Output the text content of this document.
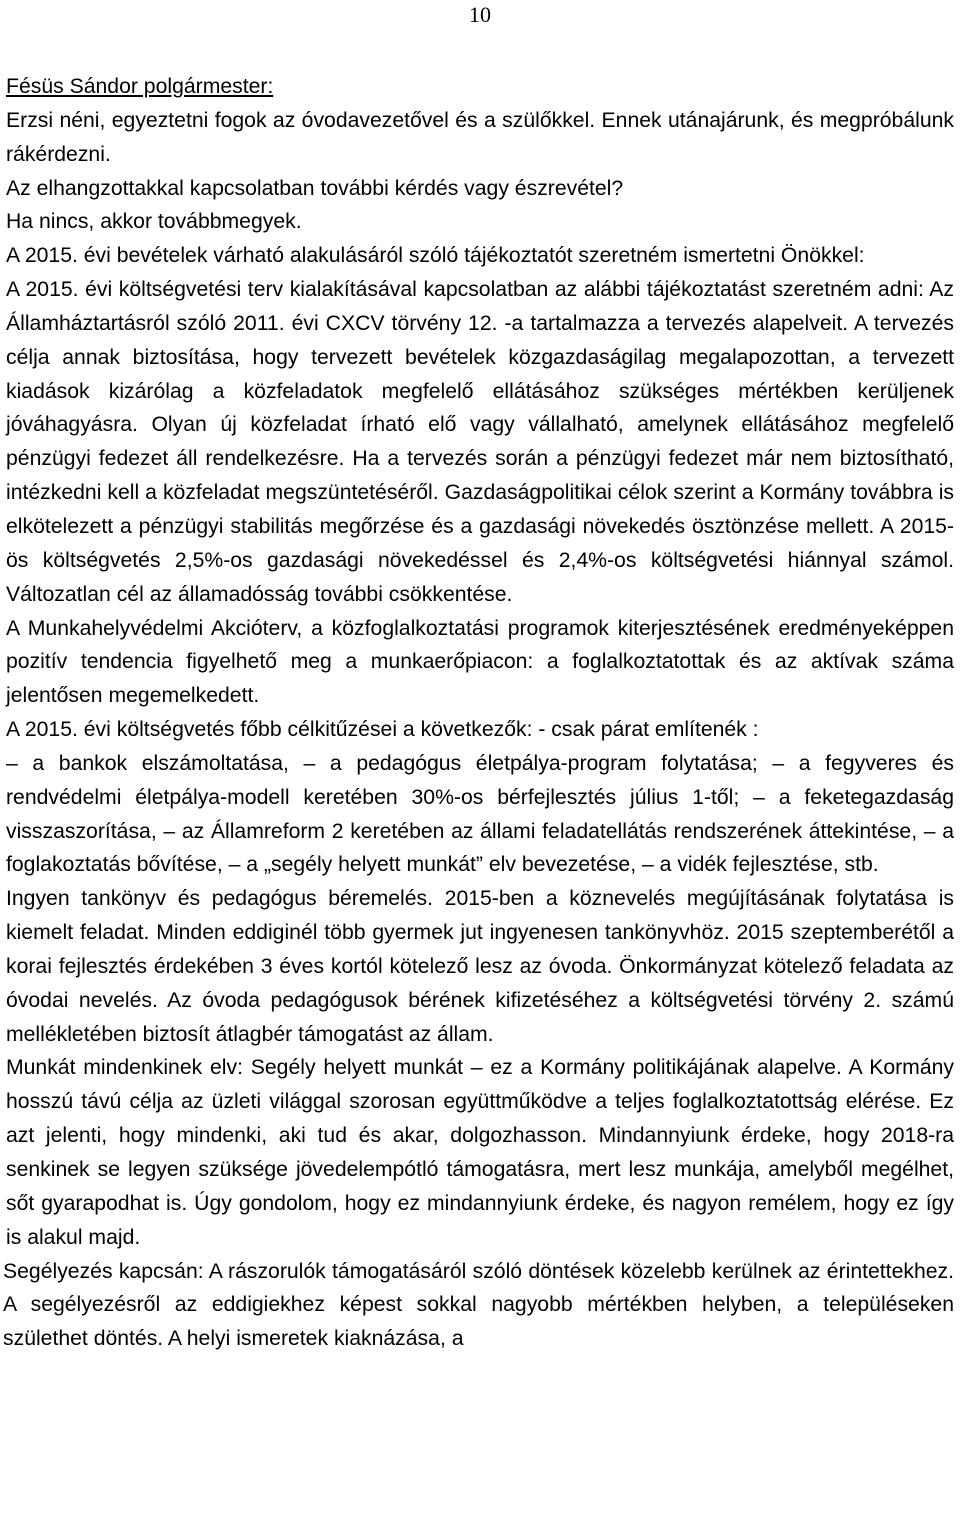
10

Fésüs Sándor polgármester:

Erzsi néni, egyeztetni fogok az óvodavezetővel és a szülőkkel. Ennek utánajárunk, és megpróbálunk rákérdezni.

Az elhangzottakkal kapcsolatban további kérdés vagy észrevétel?

Ha nincs, akkor továbbmegyek.

A 2015. évi bevételek várható alakulásáról szóló tájékoztatót szeretném ismertetni Önökkel:

A 2015. évi költségvetési terv kialakításával kapcsolatban az alábbi tájékoztatást szeretném adni: Az Államháztartásról szóló 2011. évi CXCV törvény 12. -a tartalmazza a tervezés alapelveit. A tervezés célja annak biztosítása, hogy tervezett bevételek közgazdaságilag megalapozottan, a tervezett kiadások kizárólag a közfeladatok megfelelő ellátásához szükséges mértékben kerüljenek jóváhagyásra. Olyan új közfeladat írható elő vagy vállalható, amelynek ellátásához megfelelő pénzügyi fedezet áll rendelkezésre. Ha a tervezés során a pénzügyi fedezet már nem biztosítható, intézkedni kell a közfeladat megszüntetéséről. Gazdaságpolitikai célok szerint a Kormány továbbra is elkötelezett a pénzügyi stabilitás megőrzése és a gazdasági növekedés ösztönzése mellett. A 2015-ös költségvetés 2,5%-os gazdasági növekedéssel és 2,4%-os költségvetési hiánnyal számol. Változatlan cél az államadósság további csökkentése.

A Munkahelyvédelmi Akcióterv, a közfoglalkoztatási programok kiterjesztésének eredményeképpen pozitív tendencia figyelhető meg a munkaerőpiacon: a foglalkoztatottak és az aktívak száma jelentősen megemelkedett.

A 2015. évi költségvetés főbb célkitűzései a következők: - csak párat említenék :

– a bankok elszámoltatása, – a pedagógus életpálya-program folytatása; – a fegyveres és rendvédelmi életpálya-modell keretében 30%-os bérfejlesztés július 1-től; – a feketegazdaság visszaszorítása, – az Államreform 2 keretében az állami feladatellátás rendszerének áttekintése, – a foglakoztatás bővítése, – a „segély helyett munkát” elv bevezetése, – a vidék fejlesztése, stb.

Ingyen tankönyv és pedagógus béremelés. 2015-ben a köznevelés megújításának folytatása is kiemelt feladat. Minden eddiginél több gyermek jut ingyenesen tankönyvhöz. 2015 szeptemberétől a korai fejlesztés érdekében 3 éves kortól kötelező lesz az óvoda. Önkormányzat kötelező feladata az óvodai nevelés. Az óvoda pedagógusok bérének kifizetéséhez a költségvetési törvény 2. számú mellékletében biztosít átlagbér támogatást az állam.

Munkát mindenkinek elv: Segély helyett munkát – ez a Kormány politikájának alapelve. A Kormány hosszú távú célja az üzleti világgal szorosan együttműködve a teljes foglalkoztatottság elérése. Ez azt jelenti, hogy mindenki, aki tud és akar, dolgozhasson. Mindannyiunk érdeke, hogy 2018-ra senkinek se legyen szüksége jövedelempótló támogatásra, mert lesz munkája, amelyből megélhet, sőt gyarapodhat is. Úgy gondolom, hogy ez mindannyiunk érdeke, és nagyon remélem, hogy ez így is alakul majd.

Segélyezés kapcsán: A rászorulók támogatásáról szóló döntések közelebb kerülnek az érintettekhez. A segélyezésről az eddigiekhez képest sokkal nagyobb mértékben helyben, a településeken születhet döntés. A helyi ismeretek kiaknázása, a
